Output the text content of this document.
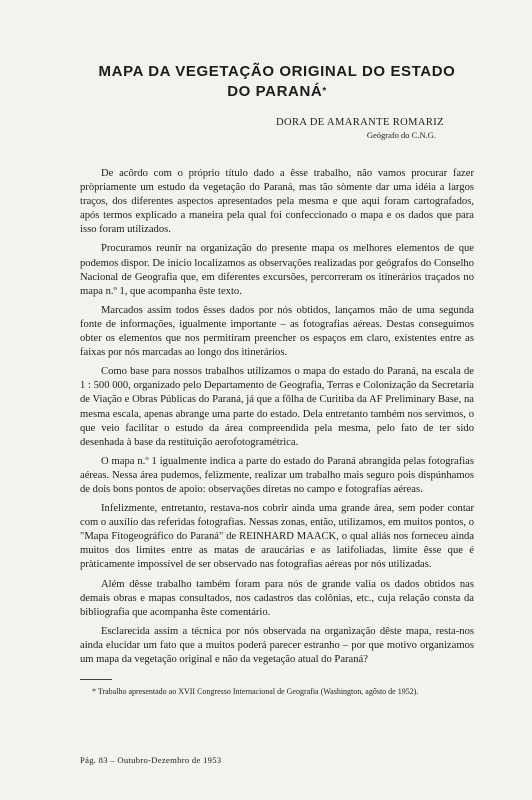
MAPA DA VEGETAÇÃO ORIGINAL DO ESTADO
DO PARANÁ*
DORA DE AMARANTE ROMARIZ
Geógrafo do C.N.G.

De acôrdo com o próprio título dado a êsse trabalho, não vamos procurar fazer pròpriamente um estudo da vegetação do Paraná, mas tão sòmente dar uma idéia a largos traços, dos diferentes aspectos apresentados pela mesma e que aqui foram cartografados, após termos explicado a maneira pela qual foi confeccionado o mapa e os dados que para isso foram utilizados.

Procuramos reunir na organização do presente mapa os melhores elementos de que podemos dispor. De início localizamos as observações realizadas por geógrafos do Conselho Nacional de Geografia que, em diferentes excursões, percorreram os itinerários traçados no mapa n.º 1, que acompanha êste texto.

Marcados assim todos êsses dados por nós obtidos, lançamos mão de uma segunda fonte de informações, igualmente importante – as fotografias aéreas. Destas conseguimos obter os elementos que nos permitiram preencher os espaços em claro, existentes entre as faixas por nós marcadas ao longo dos itinerários.

Como base para nossos trabalhos utilizamos o mapa do estado do Paraná, na escala de 1 : 500 000, organizado pelo Departamento de Geografia, Terras e Colonização da Secretaria de Viação e Obras Públicas do Paraná, já que a fôlha de Curitiba da AF Preliminary Base, na mesma escala, apenas abrange uma parte do estado. Dela entretanto também nos servimos, o que veio facilitar o estudo da área compreendida pela mesma, pelo fato de ter sido desenhada à base da restituição aerofotogramétrica.

O mapa n.º 1 igualmente indica a parte do estado do Paraná abrangida pelas fotografias aéreas. Nessa área pudemos, felizmente, realizar um trabalho mais seguro pois dispúnhamos de dois bons pontos de apoio: observações diretas no campo e fotografias aéreas.

Infelizmente, entretanto, restava-nos cobrir ainda uma grande área, sem poder contar com o auxílio das referidas fotografias. Nessas zonas, então, utilizamos, em muitos pontos, o "Mapa Fitogeográfico do Paraná" de REINHARD MAACK, o qual aliás nos forneceu ainda muitos dos limites entre as matas de araucárias e as latifoliadas, limite êsse que é pràticamente impossível de ser observado nas fotografias aéreas por nós utilizadas.

Além dêsse trabalho também foram para nós de grande valia os dados obtidos nas demais obras e mapas consultados, nos cadastros das colônias, etc., cuja relação consta da bibliografia que acompanha êste comentário.

Esclarecida assim a técnica por nós observada na organização dêste mapa, resta-nos ainda elucidar um fato que a muitos poderá parecer estranho – por que motivo organizamos um mapa da vegetação original e não da vegetação atual do Paraná?

* Trabalho apresentado ao XVII Congresso Internacional de Geografia (Washington, agôsto de 1952).
Pág. 83 – Outubro-Dezembro de 1953
